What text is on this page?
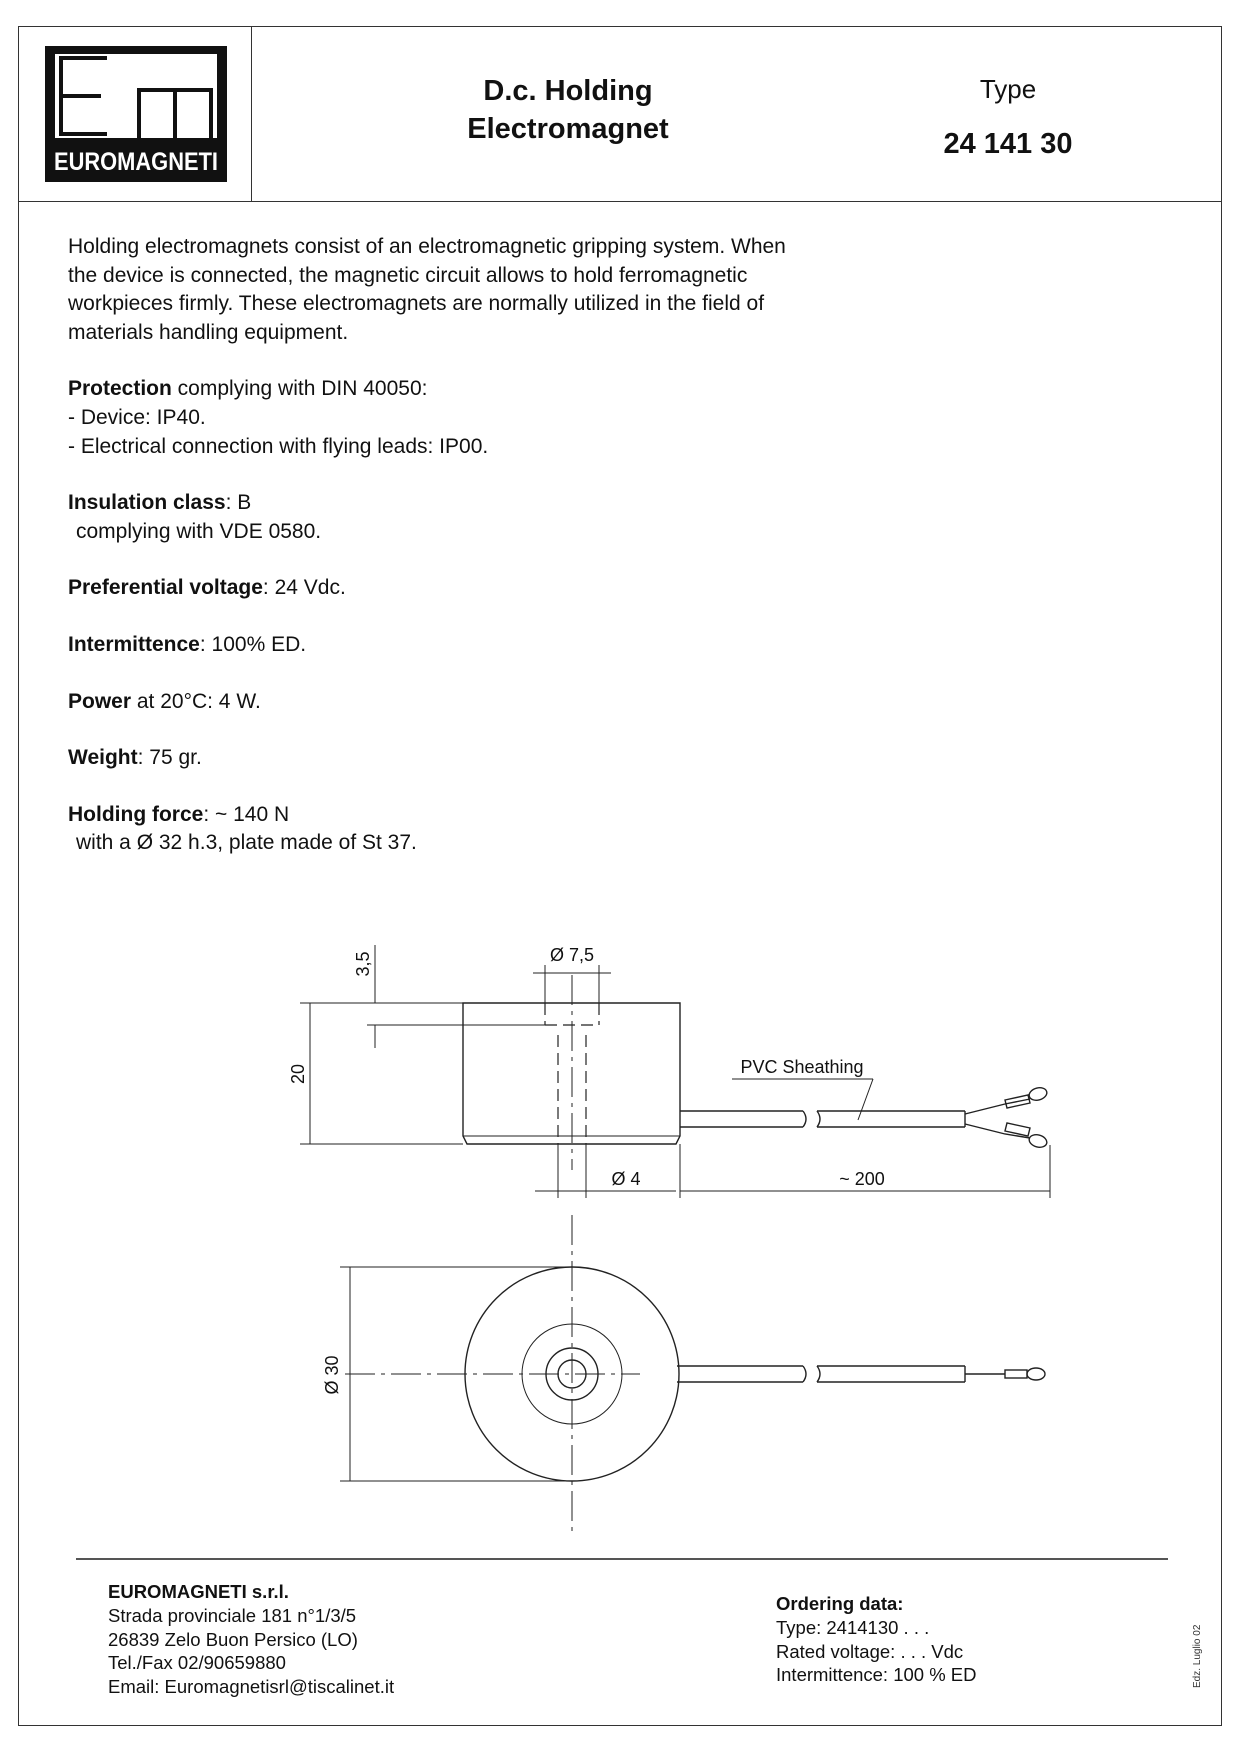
EUROMAGNETI
D.c. Holding
Electromagnet
Type
24 141 30

Holding electromagnets consist of an electromagnetic gripping system. When the device is connected, the magnetic circuit allows to hold ferromagnetic workpieces firmly. These electromagnets are normally utilized in the field of materials handling equipment.

Protection complying with DIN 40050:
- Device: IP40.
- Electrical connection with flying leads: IP00.

Insulation class: B
complying with VDE 0580.

Preferential voltage: 24 Vdc.

Intermittence: 100% ED.

Power at 20°C: 4 W.

Weight: 75 gr.

Holding force: ~ 140 N
with a Ø 32 h.3, plate made of St 37.

20
3,5	Ø 7,5
Ø 4	~ 200
PVC Sheathing
Ø 30
EUROMAGNETI s.r.l.
Strada provinciale 181 n°1/3/5
26839 Zelo Buon Persico (LO)
Tel./Fax 02/90659880
Email: Euromagnetisrl@tiscalinet.it
Ordering data:
Type: 2414130 . . .
Rated voltage: . . . Vdc
Intermittence: 100 % ED	Edz. Luglio 02
